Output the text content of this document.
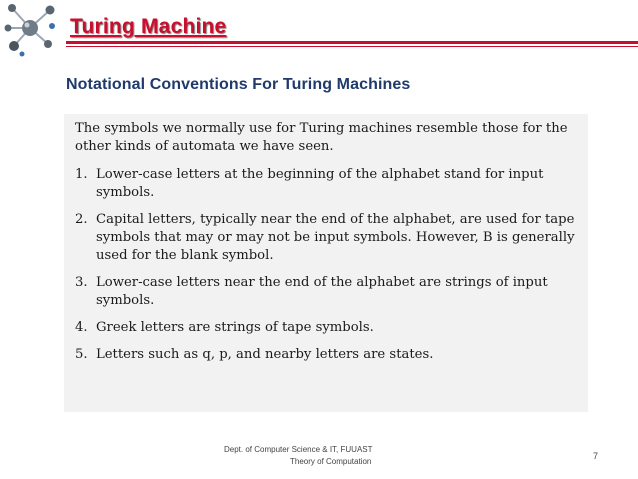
Turing Machine
Notational Conventions For Turing Machines

The symbols we normally use for Turing machines resemble those for the other kinds of automata we have seen.

1. Lower-case letters at the beginning of the alphabet stand for input symbols.
2. Capital letters, typically near the end of the alphabet, are used for tape symbols that may or may not be input symbols. However, B is generally used for the blank symbol.
3. Lower-case letters near the end of the alphabet are strings of input symbols.
4. Greek letters are strings of tape symbols.
5. Letters such as q, p, and nearby letters are states.
Dept. of Computer Science & IT, FUUAST
Theory of Computation
7
